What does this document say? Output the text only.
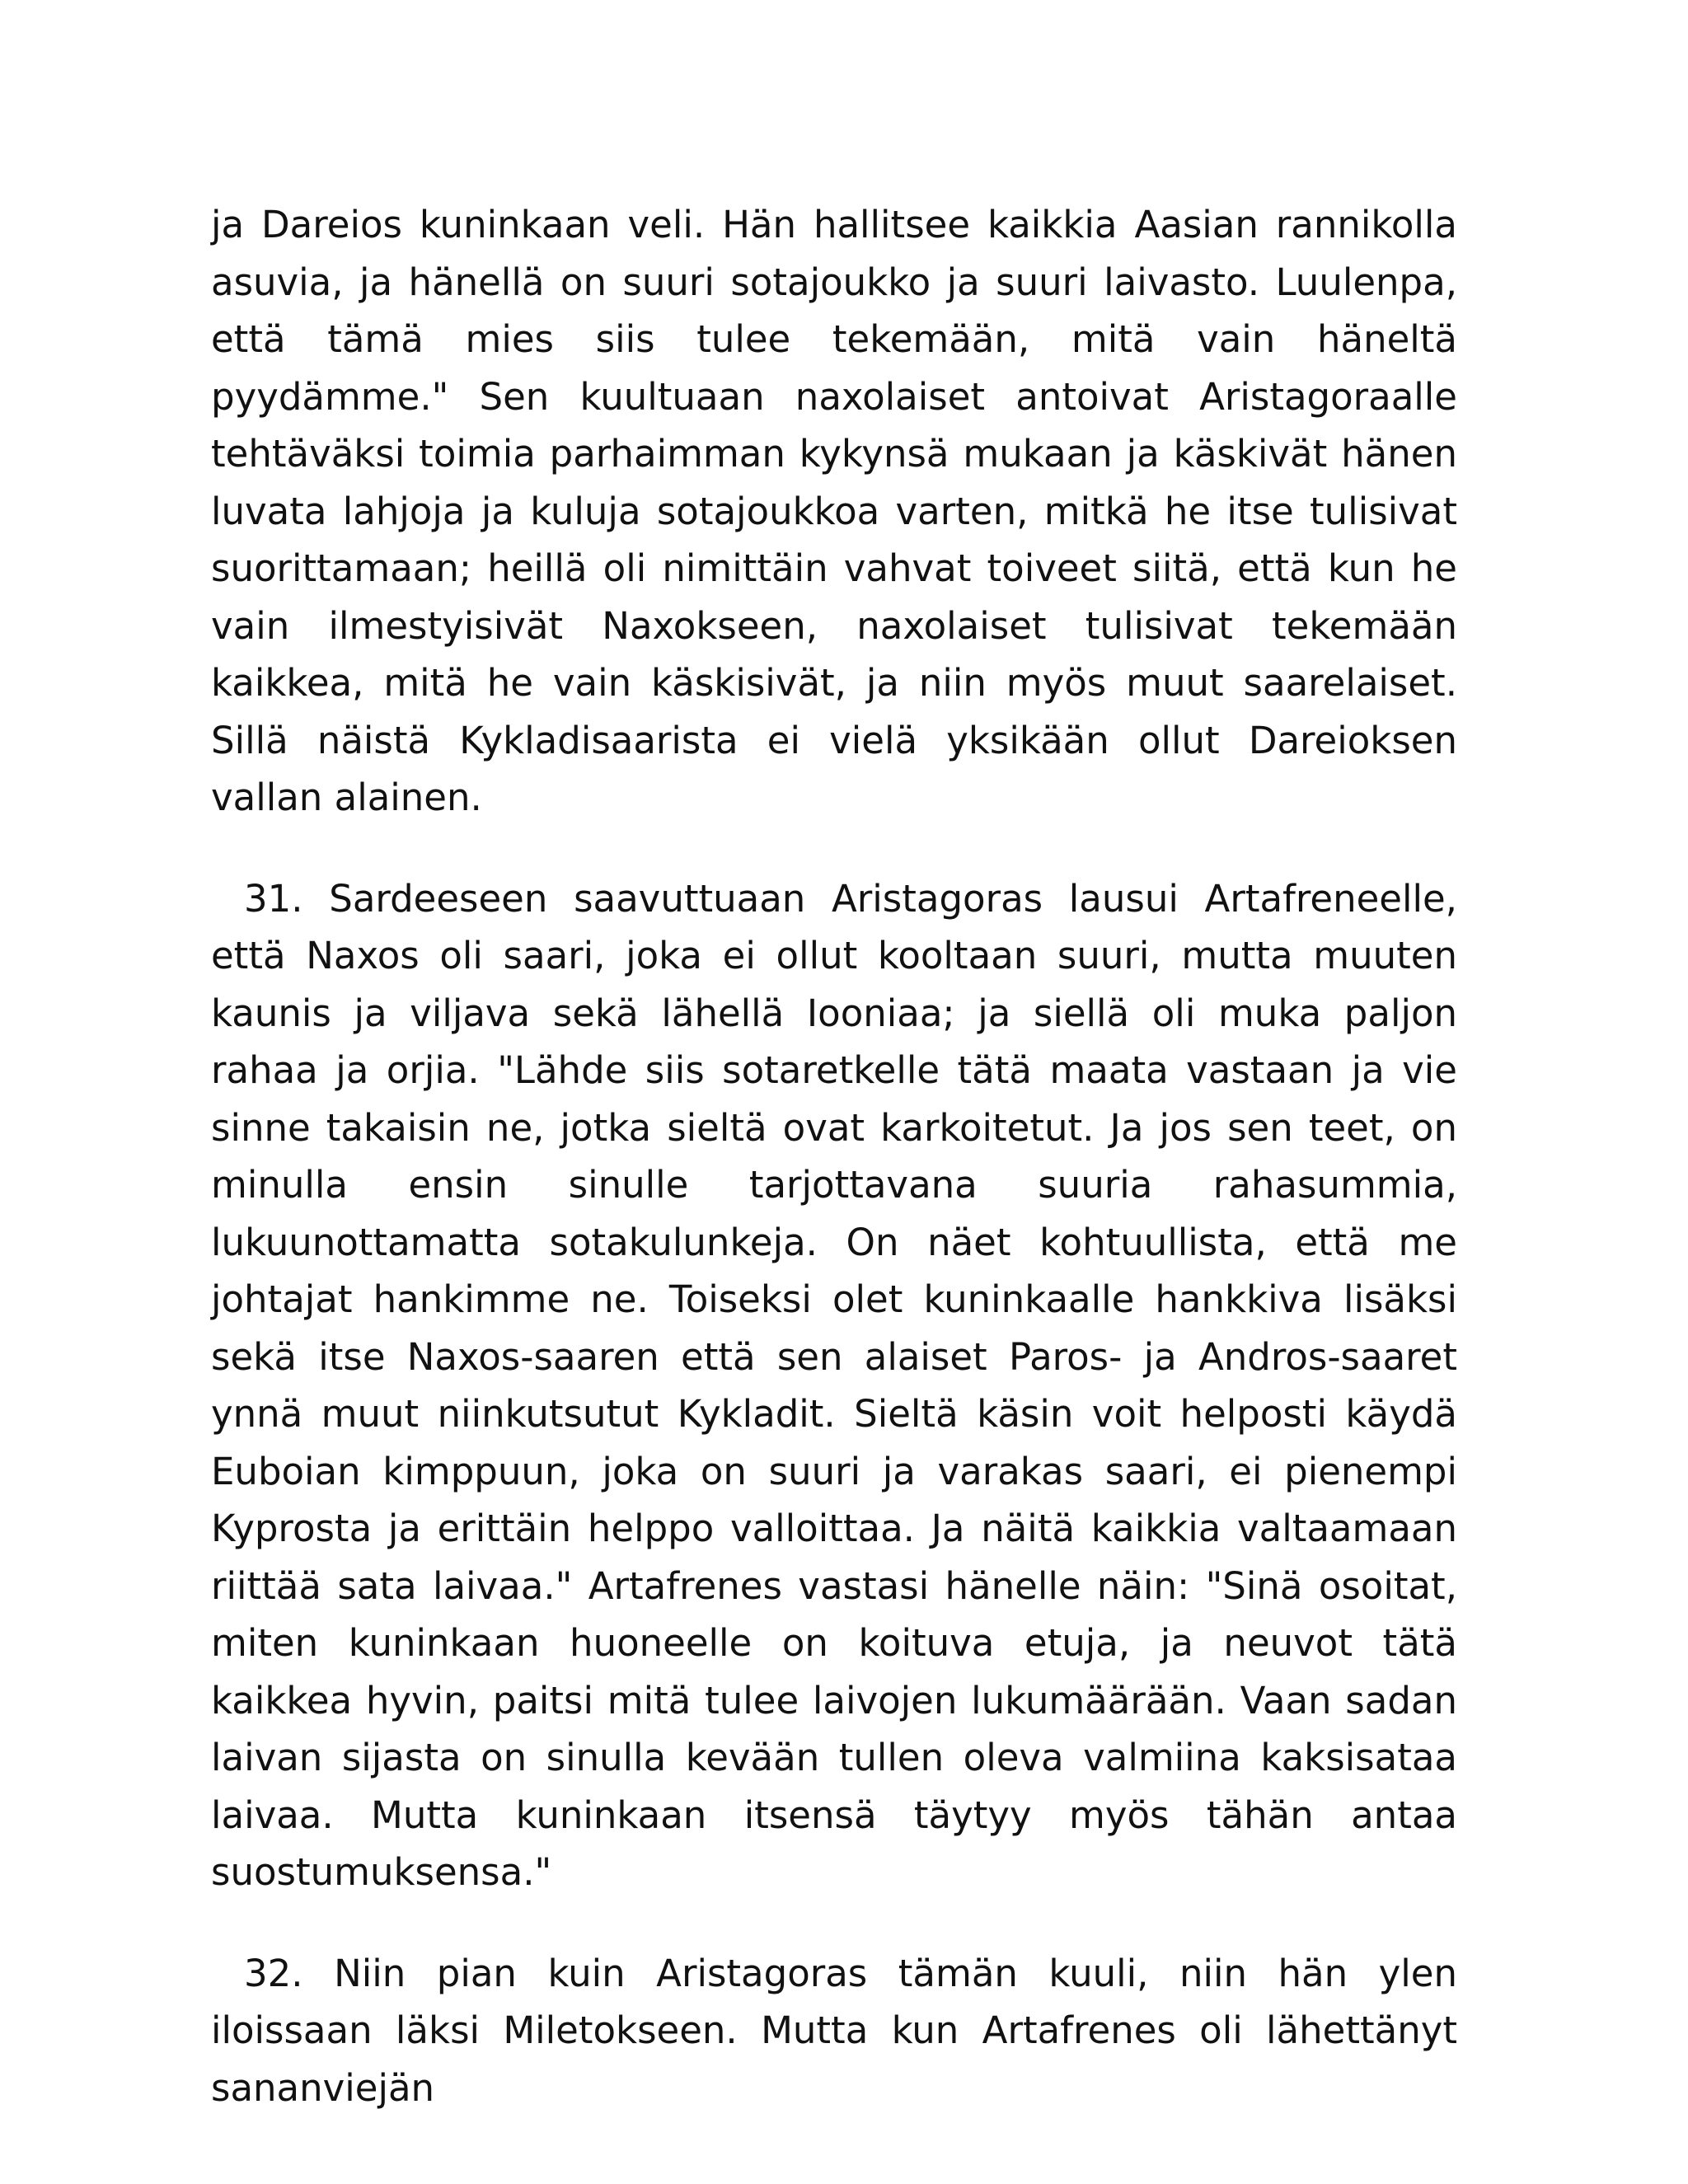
ja Dareios kuninkaan veli. Hän hallitsee kaikkia Aasian rannikolla asuvia, ja hänellä on suuri sotajoukko ja suuri laivasto. Luulenpa, että tämä mies siis tulee tekemään, mitä vain häneltä pyydämme." Sen kuultuaan naxolaiset antoivat Aristagoraalle tehtäväksi toimia parhaimman kykynsä mukaan ja käskivät hänen luvata lahjoja ja kuluja sotajoukkoa varten, mitkä he itse tulisivat suorittamaan; heillä oli nimittäin vahvat toiveet siitä, että kun he vain ilmestyisivät Naxokseen, naxolaiset tulisivat tekemään kaikkea, mitä he vain käskisivät, ja niin myös muut saarelaiset. Sillä näistä Kykladisaarista ei vielä yksikään ollut Dareioksen vallan alainen.

31. Sardeeseen saavuttuaan Aristagoras lausui Artafreneelle, että Naxos oli saari, joka ei ollut kooltaan suuri, mutta muuten kaunis ja viljava sekä lähellä Iooniaa; ja siellä oli muka paljon rahaa ja orjia. "Lähde siis sotaretkelle tätä maata vastaan ja vie sinne takaisin ne, jotka sieltä ovat karkoitetut. Ja jos sen teet, on minulla ensin sinulle tarjottavana suuria rahasummia, lukuunottamatta sotakulunkeja. On näet kohtuullista, että me johtajat hankimme ne. Toiseksi olet kuninkaalle hankkiva lisäksi sekä itse Naxos-saaren että sen alaiset Paros- ja Andros-saaret ynnä muut niinkutsutut Kykladit. Sieltä käsin voit helposti käydä Euboian kimppuun, joka on suuri ja varakas saari, ei pienempi Kyprosta ja erittäin helppo valloittaa. Ja näitä kaikkia valtaamaan riittää sata laivaa." Artafrenes vastasi hänelle näin: "Sinä osoitat, miten kuninkaan huoneelle on koituva etuja, ja neuvot tätä kaikkea hyvin, paitsi mitä tulee laivojen lukumäärään. Vaan sadan laivan sijasta on sinulla kevään tullen oleva valmiina kaksisataa laivaa. Mutta kuninkaan itsensä täytyy myös tähän antaa suostumuksensa."

32. Niin pian kuin Aristagoras tämän kuuli, niin hän ylen iloissaan läksi Miletokseen. Mutta kun Artafrenes oli lähettänyt sananviejän
